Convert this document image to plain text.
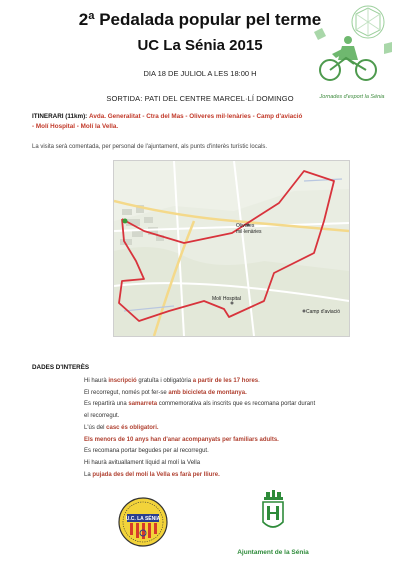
2ª Pedalada popular pel terme
UC La Sénia 2015
Jornades d'esport la Sénia
DIA 18 DE JULIOL A LES 18:00 H
SORTIDA: PATI DEL CENTRE MARCEL·LÍ DOMINGO
ITINERARI (11km): Avda. Generalitat - Ctra del Mas - Oliveres mil·lenàries - Camp d'aviació
- Molí Hospital - Molí la Vella.
La visita serà comentada, per personal de l'ajuntament, als punts d'interès turístic locals.
Oliveres
mil·lenàries
Molí Hospital
Camp d'aviació
DADES D'INTERÈS
Hi haurà inscripció gratuïta i obligatòria a partir de les 17 hores.
El recorregut, només pot fer-se amb bicicleta de montanya.
Es repartirà una samarreta commemorativa als inscrits que es recomana portar durant
el recorregut.
L'ús del casc és obligatori.
Els menors de 10 anys han d'anar acompanyats per familiars adults.
Es recomana portar begudes per al recorregut.
Hi haurà avituallament líquid al molí la Vella
La pujada des del molí la Vella es farà per lliure.
U.C. LA SÉNIA
Ajuntament de la Sénia
